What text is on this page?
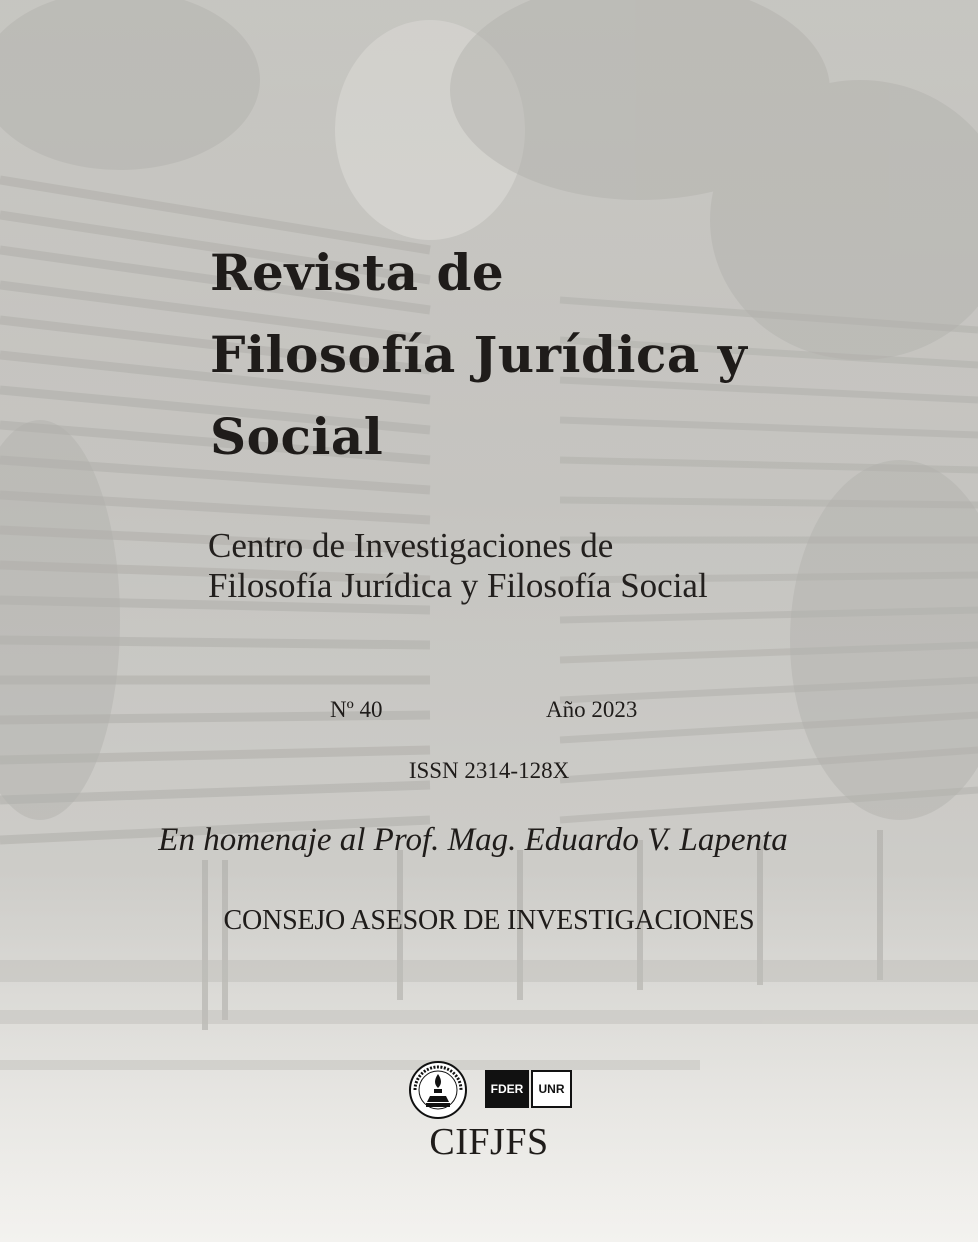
Revista de
Filosofía Jurídica y
Social

Centro de Investigaciones de
Filosofía Jurídica y Filosofía Social

Nº 40	Año 2023
ISSN 2314-128X
En homenaje al Prof. Mag. Eduardo V. Lapenta
CONSEJO ASESOR DE INVESTIGACIONES
FDER	UNR
CIFJFS
